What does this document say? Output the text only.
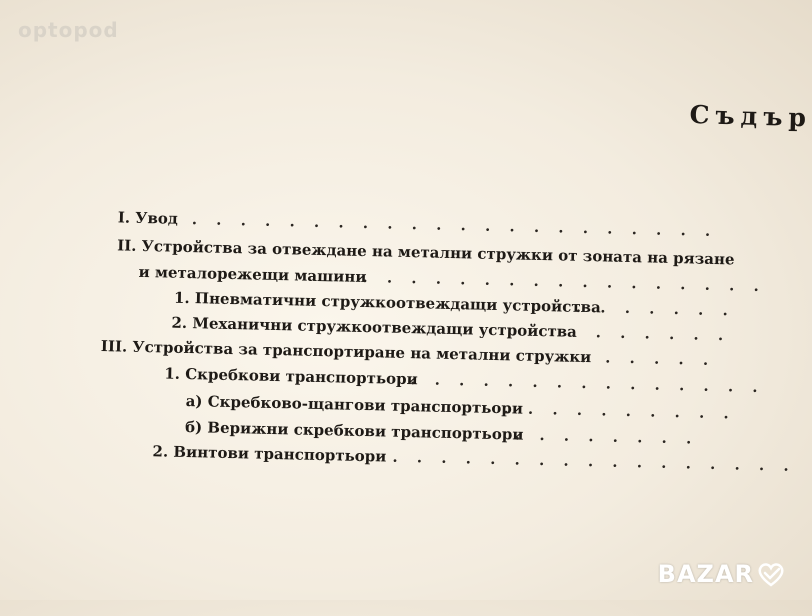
optopod
Съдър
I. Увод . . . . . . . . . . . . . . . . . . . . . .
II. Устройства за отвеждане на метални стружки от зоната на рязане
и металорежещи машини
. . . . . . . . . . . . . . . . .
1. Пневматични стружкоотвеждащи устройства
. . . . . . .
2. Механични стружкоотвеждащи устройства
. . . . . . .
III. Устройства за транспортиране на метални стружки
. . . . . .
1. Скребкови транспортьори
. . . . . . . . . . . . . . .
а) Скребково-щангови транспортьори
. . . . . . . . . .
б) Верижни скребкови транспортьори
. . . . . . . .
2. Винтови транспортьори . . . . . . . . . . . . . . . . .
BAZAR
